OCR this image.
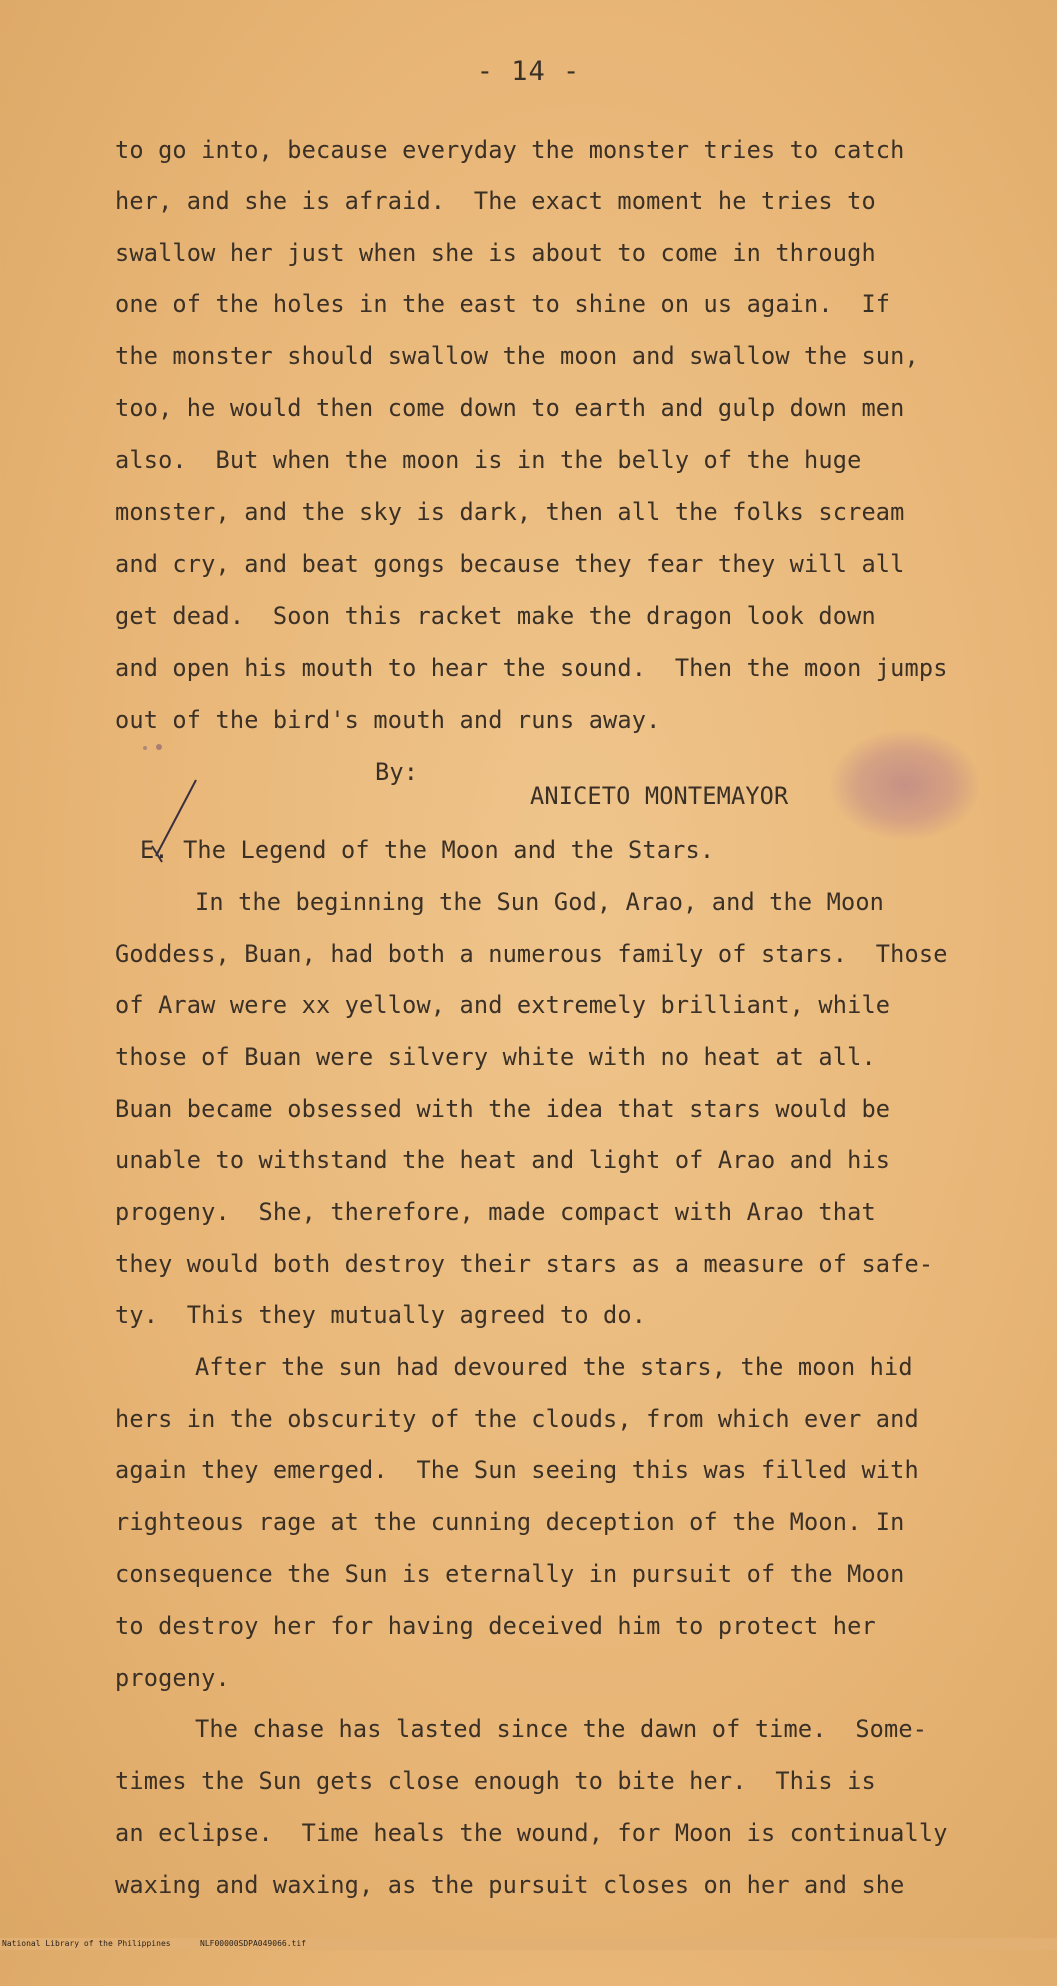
- 14 -
to go into, because everyday the monster tries to catch
her, and she is afraid.  The exact moment he tries to
swallow her just when she is about to come in through
one of the holes in the east to shine on us again.  If
the monster should swallow the moon and swallow the sun,
too, he would then come down to earth and gulp down men
also.  But when the moon is in the belly of the huge
monster, and the sky is dark, then all the folks scream
and cry, and beat gongs because they fear they will all
get dead.  Soon this racket make the dragon look down
and open his mouth to hear the sound.  Then the moon jumps
out of the bird's mouth and runs away.
By:
ANICETO MONTEMAYOR
E. The Legend of the Moon and the Stars.
In the beginning the Sun God, Arao, and the Moon
Goddess, Buan, had both a numerous family of stars.  Those
of Araw were xx yellow, and extremely brilliant, while
those of Buan were silvery white with no heat at all.
Buan became obsessed with the idea that stars would be
unable to withstand the heat and light of Arao and his
progeny.  She, therefore, made compact with Arao that
they would both destroy their stars as a measure of safe-
ty.  This they mutually agreed to do.
After the sun had devoured the stars, the moon hid
hers in the obscurity of the clouds, from which ever and
again they emerged.  The Sun seeing this was filled with
righteous rage at the cunning deception of the Moon. In
consequence the Sun is eternally in pursuit of the Moon
to destroy her for having deceived him to protect her
progeny.
The chase has lasted since the dawn of time.  Some-
times the Sun gets close enough to bite her.  This is
an eclipse.  Time heals the wound, for Moon is continually
waxing and waxing, as the pursuit closes on her and she

National Library of the Philippines

	NLF00000SDPA049066.tif
